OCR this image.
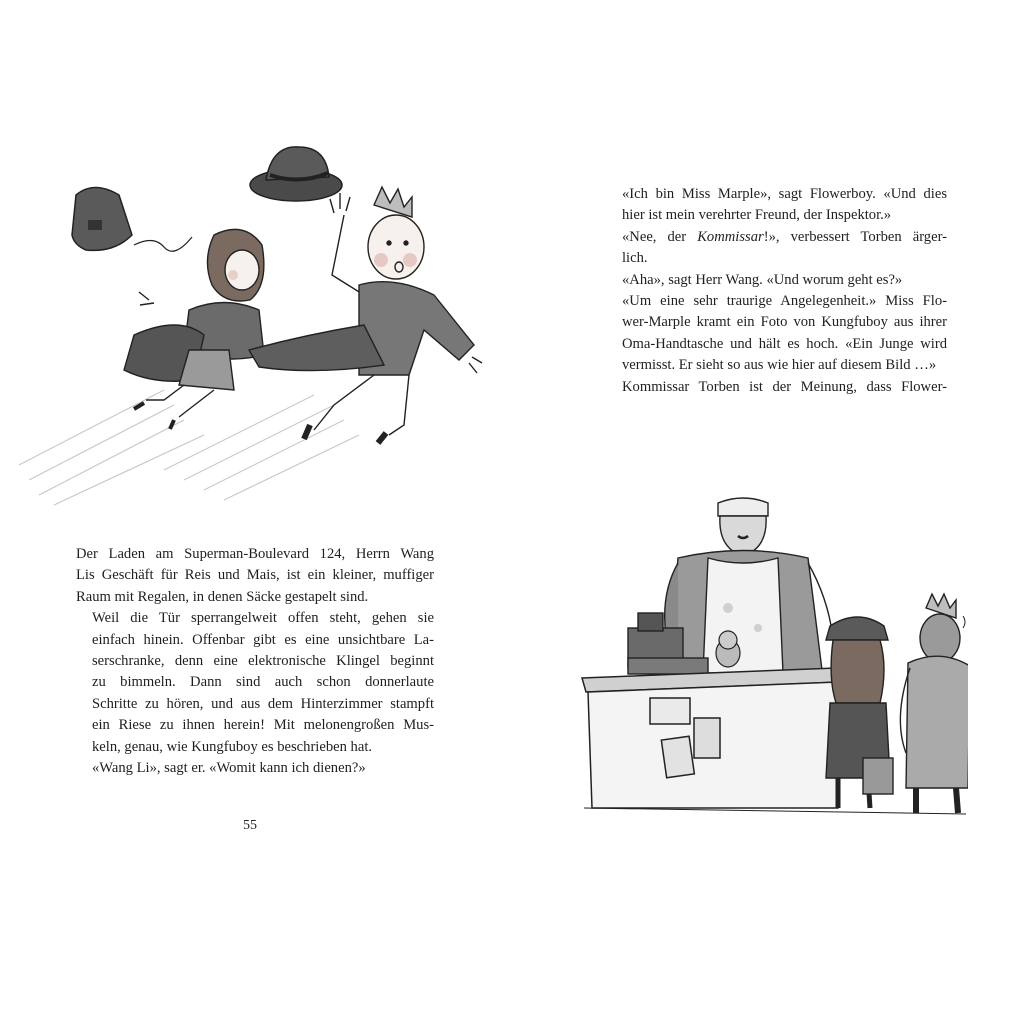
Der Laden am Superman-Boulevard 124, Herrn Wang
Lis Geschäft für Reis und Mais, ist ein kleiner, muffiger
Raum mit Regalen, in denen Säcke gestapelt sind.

Weil die Tür sperrangelweit offen steht, gehen sie
einfach hinein. Offenbar gibt es eine unsichtbare La-
serschranke, denn eine elektronische Klingel beginnt
zu bimmeln. Dann sind auch schon donnerlaute
Schritte zu hören, und aus dem Hinterzimmer stampft
ein Riese zu ihnen herein! Mit melonengroßen Mus-
keln, genau, wie Kungfuboy es beschrieben hat.

«Wang Li», sagt er. «Womit kann ich dienen?»

55

«Ich bin Miss Marple», sagt Flowerboy. «Und dies
hier ist mein verehrter Freund, der Inspektor.»

«Nee, der Kommissar!», verbessert Torben ärger-
lich.

«Aha», sagt Herr Wang. «Und worum geht es?»

«Um eine sehr traurige Angelegenheit.» Miss Flo-
wer-Marple kramt ein Foto von Kungfuboy aus ihrer
Oma-Handtasche und hält es hoch. «Ein Junge wird
vermisst. Er sieht so aus wie hier auf diesem Bild …»

Kommissar Torben ist der Meinung, dass Flower-
